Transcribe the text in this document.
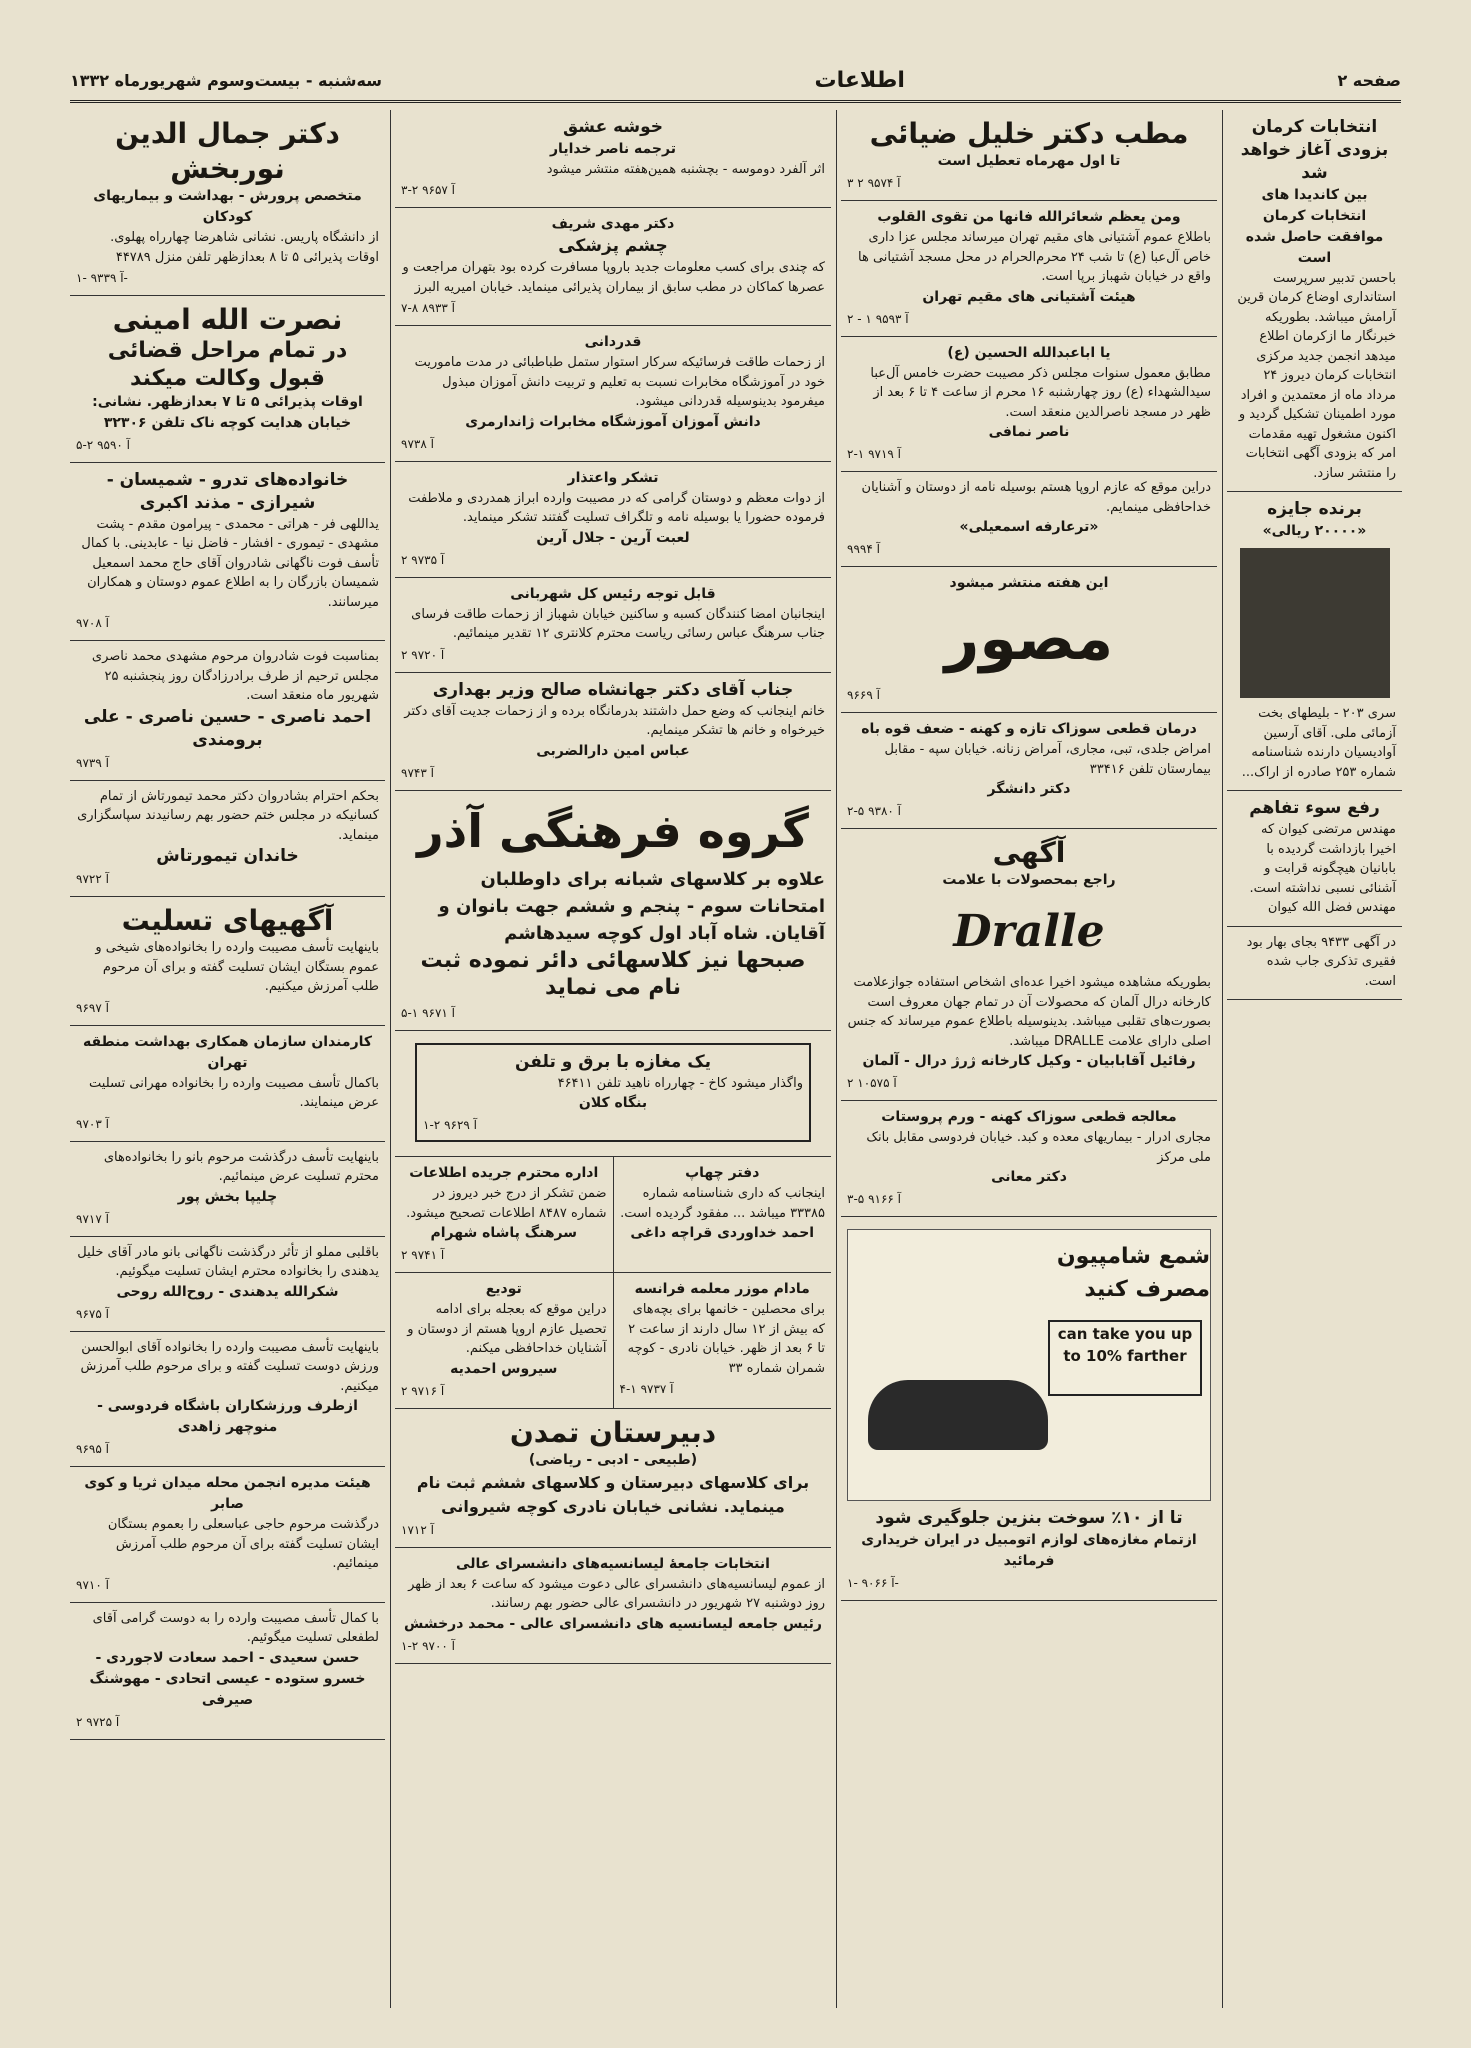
صفحه ۲
اطلاعات
سه‌شنبه - بیست‌وسوم شهریورماه ۱۳۳۲
دکتر جمال الدین نوربخش
متخصص پرورش - بهداشت و بیماریهای کودکان
از دانشگاه پاریس. نشانی شاهرضا چهارراه پهلوی. اوقات پذیرائی ۵ تا ۸ بعدازظهر تلفن منزل ۴۴۷۸۹
آ ۹۳۳۹ -۱-
نصرت الله امینی
در تمام مراحل قضائی قبول وکالت میکند
اوقات پذیرائی ۵ تا ۷ بعدازظهر. نشانی: خیابان هدایت کوچه ناک تلفن ۳۲۳۰۶
آ ۹۵۹۰ ۲-۵
خانواده‌های تدرو - شمیسان - شیرازی - مذند اکبری
یداللهی فر - هراتی - محمدی - پیرامون مقدم - پشت مشهدی - تیموری - افشار - فاضل نیا - عابدینی. با کمال تأسف فوت ناگهانی شادروان آقای حاج محمد اسمعیل شمیسان بازرگان را به اطلاع عموم دوستان و همکاران میرسانند.
آ ۹۷۰۸
بمناسبت فوت شادروان مرحوم مشهدی محمد ناصری مجلس ترحیم از طرف برادرزادگان روز پنجشنبه ۲۵ شهریور ماه منعقد است.
احمد ناصری - حسین ناصری - علی برومندی
آ ۹۷۳۹
بحکم احترام بشادروان دکتر محمد تیمورتاش از تمام کسانیکه در مجلس ختم حضور بهم رسانیدند سپاسگزاری مینماید.
خاندان تیمورتاش
آ ۹۷۲۲
آگهیهای تسلیت
باینهایت تأسف مصیبت وارده را بخانواده‌های شیخی و عموم بستگان ایشان تسلیت گفته و برای آن مرحوم طلب آمرزش میکنیم.
آ ۹۶۹۷
کارمندان سازمان همکاری بهداشت منطقه تهران
باکمال تأسف مصیبت وارده را بخانواده مهرانی تسلیت عرض مینمایند.
آ ۹۷۰۳
باینهایت تأسف درگذشت مرحوم بانو را بخانواده‌های محترم تسلیت عرض مینمائیم.
چلیپا بخش پور
آ ۹۷۱۷
باقلبی مملو از تأثر درگذشت ناگهانی بانو مادر آقای خلیل یدهندی را بخانواده محترم ایشان تسلیت میگوئیم.
شکرالله یدهندی - روح‌الله روحی
آ ۹۶۷۵
باینهایت تأسف مصیبت وارده را بخانواده آقای ابوالحسن ورزش دوست تسلیت گفته و برای مرحوم طلب آمرزش میکنیم.
ازطرف ورزشکاران باشگاه فردوسی - منوچهر زاهدی
آ ۹۶۹۵
هیئت مدیره انجمن محله میدان ثریا و کوی صابر
درگذشت مرحوم حاجی عباسعلی را بعموم بستگان ایشان تسلیت گفته برای آن مرحوم طلب آمرزش مینمائیم.
آ ۹۷۱۰
با کمال تأسف مصیبت وارده را به دوست گرامی آقای لطفعلی تسلیت میگوئیم.
حسن سعیدی - احمد سعادت لاجوردی - خسرو ستوده - عیسی اتحادی - مهوشنگ صیرفی
آ ۹۷۲۵ ۲
خوشه عشق
ترجمه ناصر خدایار
اثر آلفرد دوموسه - بچشنبه همین‌هفته منتشر میشود
آ ۹۶۵۷ ۲-۳
دکتر مهدی شریف
چشم پزشکی
که چندی برای کسب معلومات جدید باروپا مسافرت کرده بود بتهران مراجعت و عصرها کماکان در مطب سابق از بیماران پذیرائی مینماید. خیابان امیریه البرز
آ ۸۹۳۳ ۸-۷
قدردانی
از زحمات طاقت فرسائیکه سرکار استوار ستمل طباطبائی در مدت ماموریت خود در آموزشگاه مخابرات نسبت به تعلیم و تربیت دانش آموزان مبذول میفرمود بدینوسیله قدردانی میشود.
دانش آموزان آموزشگاه مخابرات ژاندارمری
آ ۹۷۳۸
تشکر واعتذار
از دوات معظم و دوستان گرامی که در مصیبت وارده ابراز همدردی و ملاطفت فرموده حضورا یا بوسیله نامه و تلگراف تسلیت گفتند تشکر مینماید.
لعبت آرین - جلال آرین
آ ۹۷۳۵ ۲
قابل توجه رئیس کل شهربانی
اینجانبان امضا کنندگان کسبه و ساکنین خیابان شهباز از زحمات طاقت فرسای جناب سرهنگ عباس رسائی ریاست محترم کلانتری ۱۲ تقدیر مینمائیم.
آ ۹۷۲۰ ۲
جناب آقای دکتر جهانشاه صالح وزیر بهداری
خانم اینجانب که وضع حمل داشتند بدرمانگاه برده و از زحمات جدیت آقای دکتر خیرخواه و خانم ها تشکر مینمایم.
عباس امین دارالضربی
آ ۹۷۴۳
گروه فرهنگی آذر
علاوه بر کلاسهای شبانه برای داوطلبان امتحانات سوم - پنجم و ششم جهت بانوان و آقایان. شاه آباد اول کوچه سیدهاشم
صبحها نیز کلاسهائی دائر نموده ثبت نام می نماید
آ ۹۶۷۱ ۱-۵
یک مغازه با برق و تلفن
واگذار میشود کاخ - چهارراه ناهید تلفن ۴۶۴۱۱
بنگاه کلان
آ ۹۶۲۹ ۲-۱
دفتر چهاپ
اینجانب که داری شناسنامه شماره ۳۳۳۸۵ میباشد ... مفقود گردیده است.
احمد خداوردی قراچه داغی
اداره محترم جریده اطلاعات
ضمن تشکر از درج خبر دیروز در شماره ۸۴۸۷ اطلاعات تصحیح میشود.
سرهنگ پاشاه شهرام
آ ۹۷۴۱ ۲
مادام موزر معلمه فرانسه
برای محصلین - خانمها برای بچه‌های که بیش از ۱۲ سال دارند از ساعت ۲ تا ۶ بعد از ظهر. خیابان نادری - کوچه شمران شماره ۳۳
آ ۹۷۳۷ ۱-۴
توديع
دراین موقع که بعجله برای ادامه تحصیل عازم اروپا هستم از دوستان و آشنایان خداحافظی میکنم.
سیروس احمدیه
آ ۹۷۱۶ ۲
دبیرستان تمدن
(طبیعی - ادبی - ریاضی)
برای کلاسهای دبیرستان و کلاسهای ششم ثبت نام مینماید. نشانی خیابان نادری کوچه شیروانی
آ ۱۷۱۲
انتخابات جامعهٔ لیسانسیه‌های دانشسرای عالی
از عموم لیسانسیه‌های دانشسرای عالی دعوت میشود که ساعت ۶ بعد از ظهر روز دوشنبه ۲۷ شهریور در دانشسرای عالی حضور بهم رسانند.
رئیس جامعه لیسانسیه های دانشسرای عالی - محمد درخشش
آ ۹۷۰۰ ۲-۱
مطب دکتر خلیل ضیائی
تا اول مهرماه تعطیل است
آ ۹۵۷۴ ۲ ۳
ومن یعظم شعائرالله فانها من تقوی القلوب
باطلاع عموم آشتیانی های مقیم تهران میرساند مجلس عزا داری خاص آل‌عبا (ع) تا شب ۲۴ محرم‌الحرام در محل مسجد آشتیانی ها واقع در خیابان شهباز برپا است.
هیئت آشتیانی های مقیم تهران
آ ۹۵۹۳ ۱ - ۲
یا اباعبدالله الحسین (ع)
مطابق معمول سنوات مجلس ذکر مصیبت حضرت خامس آل‌عبا سیدالشهداء (ع) روز چهارشنبه ۱۶ محرم از ساعت ۴ تا ۶ بعد از ظهر در مسجد ناصرالدین منعقد است.
ناصر نمافی
آ ۹۷۱۹ ۱-۲
دراین موقع که عازم اروپا هستم بوسیله نامه از دوستان و آشنایان خداحافظی مینمایم.
«ترعارفه اسمعیلی»
آ ۹۹۹۴
این هفته منتشر میشود
مصور
آ ۹۶۶۹
درمان قطعی سوزاک تازه و کهنه - ضعف قوه باه
امراض جلدی، تبی، مجاری، آمراض زنانه. خیابان سپه - مقابل بیمارستان تلفن ۳۳۴۱۶
دکتر دانشگر
آ ۹۳۸۰ ۵-۲
آگهی
راجع بمحصولات با علامت
Dralle
بطوریکه مشاهده میشود اخیرا عده‌ای اشخاص استفاده جوازعلامت کارخانه درال آلمان که محصولات آن در تمام جهان معروف است بصورت‌های تقلبی میباشد. بدینوسیله باطلاع عموم میرساند که جنس اصلی دارای علامت DRALLE میباشد.
رفائیل آقابابیان - وکیل کارخانه ژرژ درال - آلمان
آ ۱۰۵۷۵ ۲
معالجه قطعی سوزاک کهنه - ورم پروستات
مجاری ادرار - بیماریهای معده و کبد. خیابان فردوسی مقابل بانک ملی مرکز
دکتر معانی
آ ۹۱۶۶ ۵-۳
شمع شامپیون مصرف کنید
can take you up to 10% farther
تا از ۱۰٪ سوخت بنزین جلوگیری شود
ازتمام مغازه‌های لوازم اتومبیل در ایران خریداری فرمائید
آ ۹۰۶۶ -۱-
انتخابات کرمان بزودی آغاز خواهد شد
بین کاندیدا های انتخابات کرمان موافقت حاصل شده است
باحسن تدبیر سرپرست استانداری اوضاع کرمان قرین آرامش میباشد. بطوریکه خبرنگار ما ازکرمان اطلاع میدهد انجمن جدید مرکزی انتخابات کرمان دیروز ۲۴ مرداد ماه از معتمدین و افراد مورد اطمینان تشکیل گردید و اکنون مشغول تهیه مقدمات امر که بزودی آگهی انتخابات را منتشر سازد.
برنده‌ جایزه
«۲۰۰۰۰ ریالی»
سری ۲۰۳ - بلیطهای بخت آزمائی ملی. آقای آرسین آوادیسیان دارنده شناسنامه شماره ۲۵۳ صادره از اراک...
رفع سوء تفاهم
مهندس مرتضی کیوان که اخیرا بازداشت گردیده با بابانیان هیچگونه قرابت و آشنائی نسبی نداشته است. مهندس فضل الله کیوان
در آگهی ۹۴۳۳ بجای بهار بود فقیری تذکری جاب شده است.
